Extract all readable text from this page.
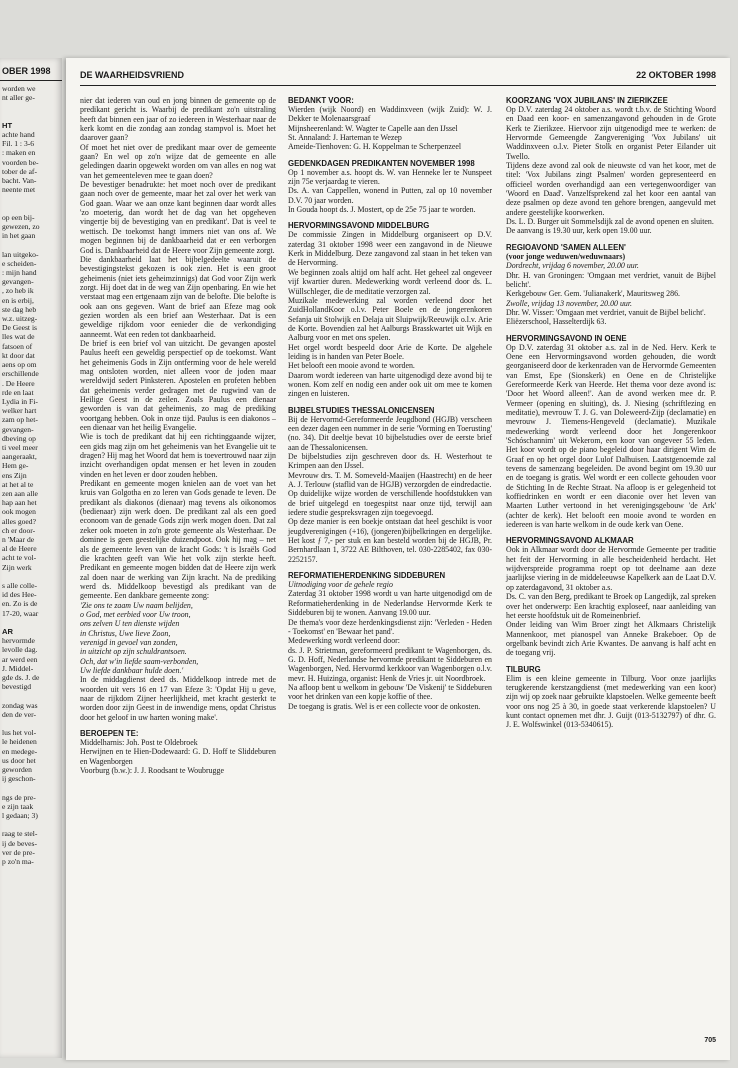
OBER 1998
worden we
nt aller ge-

HT
achte hand
Fil. 1 : 3-6
: maken en
voorden be-
tober de af-
bacht. Van-
neente met

op een bij-
gewezen, zo
in het gaan

lan uitgeko-
e scheiden-
: mijn hand
gevangen-
, zo heb ik
en is erbij,
ste dag heb
w.z. uitzeg-
De Geest is
lles wat de
fatsoen of
kt door dat
aens op om
erschillende
. De Heere
rde en laat
Lydia in Fi-
welker hart
zam op het-
gevangen-
dbeving op
ti veel meer
aangeraakt,
Hem ge-
ens Zijn
at het al te
zen aan alle
hap aan het
ook mogen
alles goed?
ch er door-
n 'Maar de
al de Heere
acht te vol-
Zijn werk

s alle colle-
id des Hee-
en. Zo is de
17-20, waar

AR
hervormde
levolle dag.
ar werd een
J. Middel-
gde ds. J. de
bevestigd

zondag was
den de ver-

lus het vol-
le heidenen
en medege-
us door het
geworden
ij geschon-

ngs de pre-
e zijn taak
l gedaan; 3)

raag te stel-
ij de beves-
ver de pre-
p zo'n ma-
DE WAARHEIDSVRIEND	22 OKTOBER 1998

nier dat iederen van oud en jong binnen de gemeente op de predikant gericht is. Waarbij de predikant zo'n uitstraling heeft dat binnen een jaar of zo iedereen in Westerhaar naar de kerk komt en die zondag aan zondag stampvol is. Moet het daarover gaan?

Of moet het niet over de predikant maar over de gemeente gaan? En wel op zo'n wijze dat de gemeente en alle geledingen daarin opgewekt worden om van alles en nog wat van het gemeenteleven mee te gaan doen?

De bevestiger benadrukte: het moet noch over de predikant gaan noch over de gemeente, maar het zal over het werk van God gaan. Waar we aan onze kant beginnen daar wordt alles 'zo moeterig, dan wordt het de dag van het opgeheven vingertje bij de bevestiging van en predikant'. Dat is veel te wettisch. De toekomst hangt immers niet van ons af. We mogen beginnen bij de dankbaarheid dat er een verborgen God is. Dankbaarheid dat de Heere voor Zijn gemeente zorgt.

Die dankbaarheid laat het bijbelgedeelte waaruit de bevestigingstekst gekozen is ook zien. Het is een groot geheimenis (niet iets geheimzinnigs) dat God voor Zijn werk zorgt. Hij doet dat in de weg van Zijn openbaring. En wie het verstaat mag een ertgenaam zijn van de belofte. Die belofte is ook aan ons gegeven. Want de brief aan Efeze mag ook gezien worden als een brief aan Westerhaar. Dat is een geweldige rijkdom voor eenieder die de verkondiging aanneemt. Wat een reden tot dankbaarheid.

De brief is een brief vol van uitzicht. De gevangen apostel Paulus heeft een geweldig perspectief op de toekomst. Want het geheimenis Gods in Zijn ontferming voor de hele wereld mag ontsloten worden, niet alleen voor de joden maar wereldwijd sedert Pinksteren. Apostelen en profeten hebben dat geheimenis verder gedragen met de rugwind van de Heilige Geest in de zeilen. Zoals Paulus een dienaar geworden is van dat geheimenis, zo mag de prediking voortgang hebben. Ook in onze tijd. Paulus is een diakonos – een dienaar van het heilig Evangelie.

Wie is toch de predikant dat hij een richtinggaande wijzer, een gids mag zijn om het geheimenis van het Evangelie uit te dragen? Hij mag het Woord dat hem is toevertrouwd naar zijn inzicht overhandigen opdat mensen er het leven in zouden vinden en het leven er door zouden hebben.

Predikant en gemeente mogen knielen aan de voet van het kruis van Golgotha en zo leren van Gods genade te leven. De predikant als diakonos (dienaar) mag tevens als oikonomos (bedienaar) zijn werk doen. De predikant zal als een goed econoom van de genade Gods zijn werk mogen doen. Dat zal zeker ook moeten in zo'n grote gemeente als Westerhaar. De dominee is geen geestelijke duizendpoot. Ook hij mag – net als de gemeente leven van de kracht Gods: 't is Israëls God die krachten geeft van Wie het volk zijn sterkte heeft. Predikant en gemeente mogen bidden dat de Heere zijn werk zal doen naar de werking van Zijn kracht. Na de prediking werd ds. Middelkoop bevestigd als predikant van de gemeente. Een dankbare gemeente zong:

'Zie ons te zaam Uw naam belijden,

o God, met eerbied voor Uw troon,

ons zelven U ten dienste wijden

in Christus, Uwe lieve Zoon,

verenigd in gevoel van zonden,

in uitzicht op zijn schuldrantsoen.

Och, dat w'in liefde saam-verbonden,

Uw liefde dankbaar hulde doen.'

In de middagdienst deed ds. Middelkoop intrede met de woorden uit vers 16 en 17 van Efeze 3: 'Opdat Hij u geve, naar de rijkdom Zijner heerlijkheid, met kracht gesterkt te worden door zijn Geest in de inwendige mens, opdat Christus door het geloof in uw harten woning make'.

BEROEPEN TE:

Middelharnis: Joh. Post te Oldebroek

Herwijnen en te Hien-Dodewaard: G. D. Hoff te Sliddeburen en Wagenborgen

Voorburg (b.w.): J. J. Roodsant te Woubrugge

BEDANKT VOOR:

Wierden (wijk Noord) en Waddinxveen (wijk Zuid): W. J. Dekker te Molenaarsgraaf

Mijnsheerenland: W. Wagter te Capelle aan den IJssel

St. Annaland: J. Harteman te Wezep

Ameide-Tienhoven: G. H. Koppelman te Scherpenzeel

GEDENKDAGEN PREDIKANTEN NOVEMBER 1998

Op 1 november a.s. hoopt ds. W. van Henneke ler te Nunspeet zijn 75e verjaardag te vieren.

Ds. A. van Cappellen, wonend in Putten, zal op 10 november D.V. 70 jaar worden.

In Gouda hoopt ds. J. Mostert, op de 25e 75 jaar te worden.

HERVORMINGSAVOND MIDDELBURG

De commissie Zingen in Middelburg organiseert op D.V. zaterdag 31 oktober 1998 weer een zangavond in de Nieuwe Kerk in Middelburg. Deze zangavond zal staan in het teken van de Hervorming.

We beginnen zoals altijd om half acht. Het geheel zal ongeveer vijf kwartier duren. Medewerking wordt verleend door ds. L. Wüllschleger, die de meditatie verzorgen zal.

Muzikale medewerking zal worden verleend door het ZuidHollandKoor o.l.v. Peter Boele en de jongerenkoren Sefanja uit Stolwijk en Delaja uit Sluipwijk/Reeuwijk o.l.v. Arie de Korte. Bovendien zal het Aalburgs Brasskwartet uit Wijk en Aalburg voor en met ons spelen.

Het orgel wordt bespeeld door Arie de Korte. De algehele leiding is in handen van Peter Boele.

Het belooft een mooie avond te worden.

Daarom wordt iedereen van harte uitgenodigd deze avond bij te wonen. Kom zelf en nodig een ander ook uit om mee te komen zingen en luisteren.

BIJBELSTUDIES THESSALONICENSEN

Bij de Hervormd-Gereformeerde Jeugdbond (HGJB) verscheen een dezer dagen een nummer in de serie 'Vorming en Toerusting' (no. 34). Dit deeltje bevat 10 bijbelstudies over de eerste brief aan de Thessalonicensen.

De bijbelstudies zijn geschreven door ds. H. Westerhout te Krimpen aan den IJssel.

Mevrouw drs. T. M. Someveld-Maaijen (Haastrecht) en de heer A. J. Terlouw (staflid van de HGJB) verzorgden de eindredactie.

Op duidelijke wijze worden de verschillende hoofdstukken van de brief uitgelegd en toegespitst naar onze tijd, terwijl aan iedere studie gespreksvragen zijn toegevoegd.

Op deze manier is een boekje ontstaan dat heel geschikt is voor jeugdverenigingen (+16), (jongeren)bijbelkringen en dergelijke. Het kost ƒ 7,- per stuk en kan besteld worden bij de HGJB, Pr. Bernhardlaan 1, 3722 AE Bilthoven, tel. 030-2285402, fax 030-2252157.

REFORMATIEHERDENKING SIDDEBUREN

Uitnodiging voor de gehele regio

Zaterdag 31 oktober 1998 wordt u van harte uitgenodigd om de Reformatieherdenking in de Nederlandse Hervormde Kerk te Siddeburen bij te wonen. Aanvang 19.00 uur.

De thema's voor deze herdenkingsdienst zijn: 'Verleden - Heden - Toekomst' en 'Bewaar het pand'.

Medewerking wordt verleend door:

ds. J. P. Strietman, gereformeerd predikant te Wagenborgen, ds. G. D. Hoff, Nederlandse hervormde predikant te Siddeburen en Wagenborgen, Ned. Hervormd kerkkoor van Wagenborgen o.l.v. mevr. H. Huizinga, organist: Henk de Vries jr. uit Noordbroek.

Na afloop bent u welkom in gebouw 'De Viskenij' te Siddeburen voor het drinken van een kopje koffie of thee.

De toegang is gratis. Wel is er een collecte voor de onkosten.

KOORZANG 'VOX JUBILANS' IN ZIERIKZEE

Op D.V. zaterdag 24 oktober a.s. wordt t.b.v. de Stichting Woord en Daad een koor- en samenzangavond gehouden in de Grote Kerk te Zierikzee. Hiervoor zijn uitgenodigd mee te werken: de Hervormde Gemeengde Zangvereniging 'Vox Jubilans' uit Waddinxveen o.l.v. Pieter Stolk en organist Peter Eilander uit Twello.

Tijdens deze avond zal ook de nieuwste cd van het koor, met de titel: 'Vox Jubilans zingt Psalmen' worden gepresenteerd en officieel worden overhandigd aan een vertegenwoordiger van 'Woord en Daad'. Vanzelfsprekend zal het koor een aantal van deze psalmen op deze avond ten gehore brengen, aangevuld met andere geestelijke koorwerken.

Ds. L. D. Burger uit Sommelsdijk zal de avond openen en sluiten.

De aanvang is 19.30 uur, kerk open 19.00 uur.

REGIOAVOND 'SAMEN ALLEEN'

(voor jonge weduwen/weduwnaars)

Dordrecht, vrijdag 6 november, 20.00 uur.

Dhr. H. van Groningen: 'Omgaan met verdriet, vanuit de Bijbel belicht'.

Kerkgebouw Ger. Gem. 'Julianakerk', Mauritsweg 286.

Zwolle, vrijdag 13 november, 20.00 uur.

Dhr. W. Visser: 'Omgaan met verdriet, vanuit de Bijbel belicht'.

Eliëzerschool, Hasselterdijk 63.

HERVORMINGSAVOND IN OENE

Op D.V. zaterdag 31 oktober a.s. zal in de Ned. Herv. Kerk te Oene een Hervormingsavond worden gehouden, die wordt georganiseerd door de kerkenraden van de Hervormde Gemeenten van Emst, Epe (Sionskerk) en Oene en de Christelijke Gereformeerde Kerk van Heerde. Het thema voor deze avond is: 'Door het Woord alleen!'. Aan de avond werken mee dr. P. Vermeer (opening en sluiting), ds. J. Niesing (schriftlezing en meditatie), mevrouw T. J. G. van Doleweerd-Zijp (declamatie) en mevrouw J. Tiemens-Hengeveld (declamatie). Muzikale medewerking wordt verleend door het Jongerenkoor 'Schóschannim' uit Wekerom, een koor van ongeveer 55 leden. Het koor wordt op de piano begeleid door haar dirigent Wim de Graaf en op het orgel door Lulof Dalhuisen. Laatstgenoemde zal tevens de samenzang begeleiden. De avond begint om 19.30 uur en de toegang is gratis. Wel wordt er een collecte gehouden voor de Stichting In de Rechte Straat. Na afloop is er gelegenheid tot koffiedrinken en wordt er een diaconie over het leven van Maarten Luther vertoond in het verenigingsgebouw 'de Ark' (achter de kerk). Het belooft een mooie avond te worden en iedereen is van harte welkom in de oude kerk van Oene.

HERVORMINGSAVOND ALKMAAR

Ook in Alkmaar wordt door de Hervormde Gemeente per traditie het feit der Hervorming in alle bescheidenheid herdacht. Het wijdverspreide programma roept op tot deelname aan deze jaarlijkse viering in de middeleeuwse Kapelkerk aan de Laat D.V. op zaterdagavond, 31 oktober a.s.

Ds. C. van den Berg, predikant te Broek op Langedijk, zal spreken over het onderwerp: Een krachtig exploseef, naar aanleiding van het eerste hoofdstuk uit de Romeinenbrief.

Onder leiding van Wim Broer zingt het Alkmaars Christelijk Mannenkoor, met pianospel van Anneke Brakeboer. Op de orgelbank bevindt zich Arie Kwantes. De aanvang is half acht en de toegang vrij.

TILBURG

Elim is een kleine gemeente in Tilburg. Voor onze jaarlijks terugkerende kerstzangdienst (met medewerking van een koor) zijn wij op zoek naar gebruikte klapstoelen. Welke gemeente beeft voor ons nog 25 à 30, in goede staat verkerende klapstoelen? U kunt contact opnemen met dhr. J. Guijt (013-5132797) of dhr. G. J. E. Wolfswinkel (013-5340615).

705
